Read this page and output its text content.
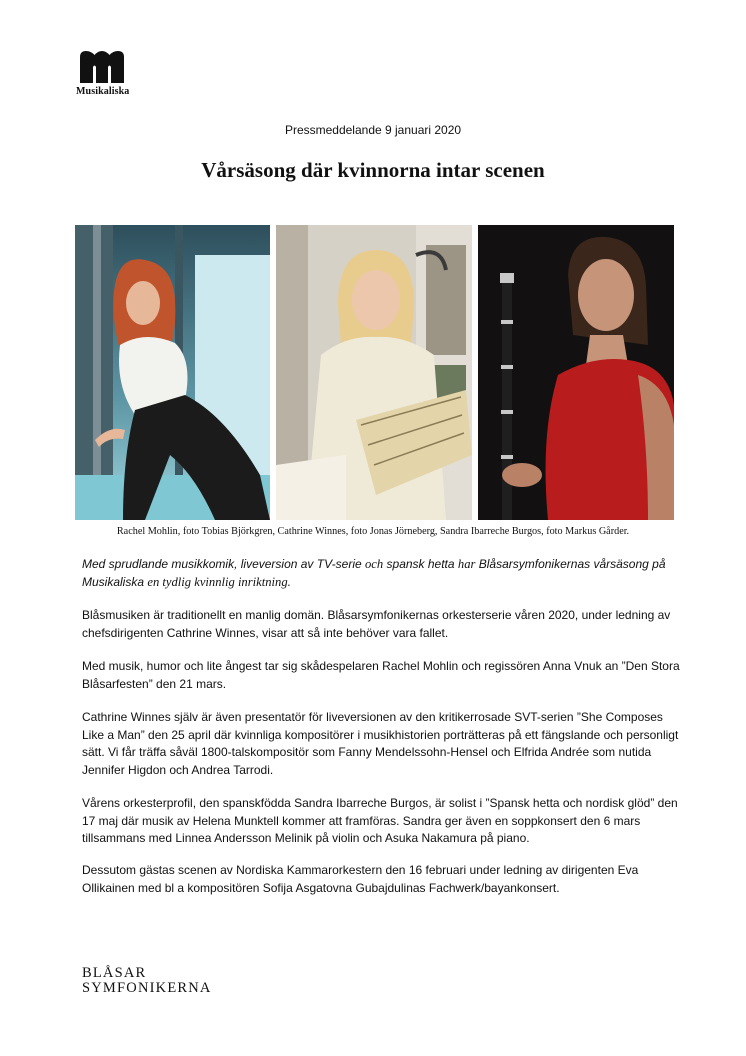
Musikaliska
Pressmeddelande 9 januari 2020
Vårsäsong där kvinnorna intar scenen
Rachel Mohlin, foto Tobias Björkgren, Cathrine Winnes, foto Jonas Jörneberg, Sandra Ibarreche Burgos, foto Markus Gårder.

Med sprudlande musikkomik, liveversion av TV-serie och spansk hetta har Blåsarsymfonikernas vårsäsong på Musikaliska en tydlig kvinnlig inriktning.

Blåsmusiken är traditionellt en manlig domän. Blåsarsymfonikernas orkesterserie våren 2020, under ledning av chefsdirigenten Cathrine Winnes, visar att så inte behöver vara fallet.

Med musik, humor och lite ångest tar sig skådespelaren Rachel Mohlin och regissören Anna Vnuk an ”Den Stora Blåsarfesten” den 21 mars.

Cathrine Winnes själv är även presentatör för liveversionen av den kritikerrosade SVT-serien ”She Composes Like a Man” den 25 april där kvinnliga kompositörer i musikhistorien porträtteras på ett fängslande och personligt sätt. Vi får träffa såväl 1800-talskompositör som Fanny Mendelssohn-Hensel och Elfrida Andrée som nutida Jennifer Higdon och Andrea Tarrodi.

Vårens orkesterprofil, den spanskfödda Sandra Ibarreche Burgos, är solist i ”Spansk hetta och nordisk glöd” den 17 maj där musik av Helena Munktell kommer att framföras. Sandra ger även en soppkonsert den 6 mars tillsammans med Linnea Andersson Melinik på violin och Asuka Nakamura på piano.

Dessutom gästas scenen av Nordiska Kammarorkestern den 16 februari under ledning av dirigenten Eva Ollikainen med bl a kompositören Sofija Asgatovna Gubajdulinas Fachwerk/bayankonsert.

BLÅSAR
SYMFONIKERNA
